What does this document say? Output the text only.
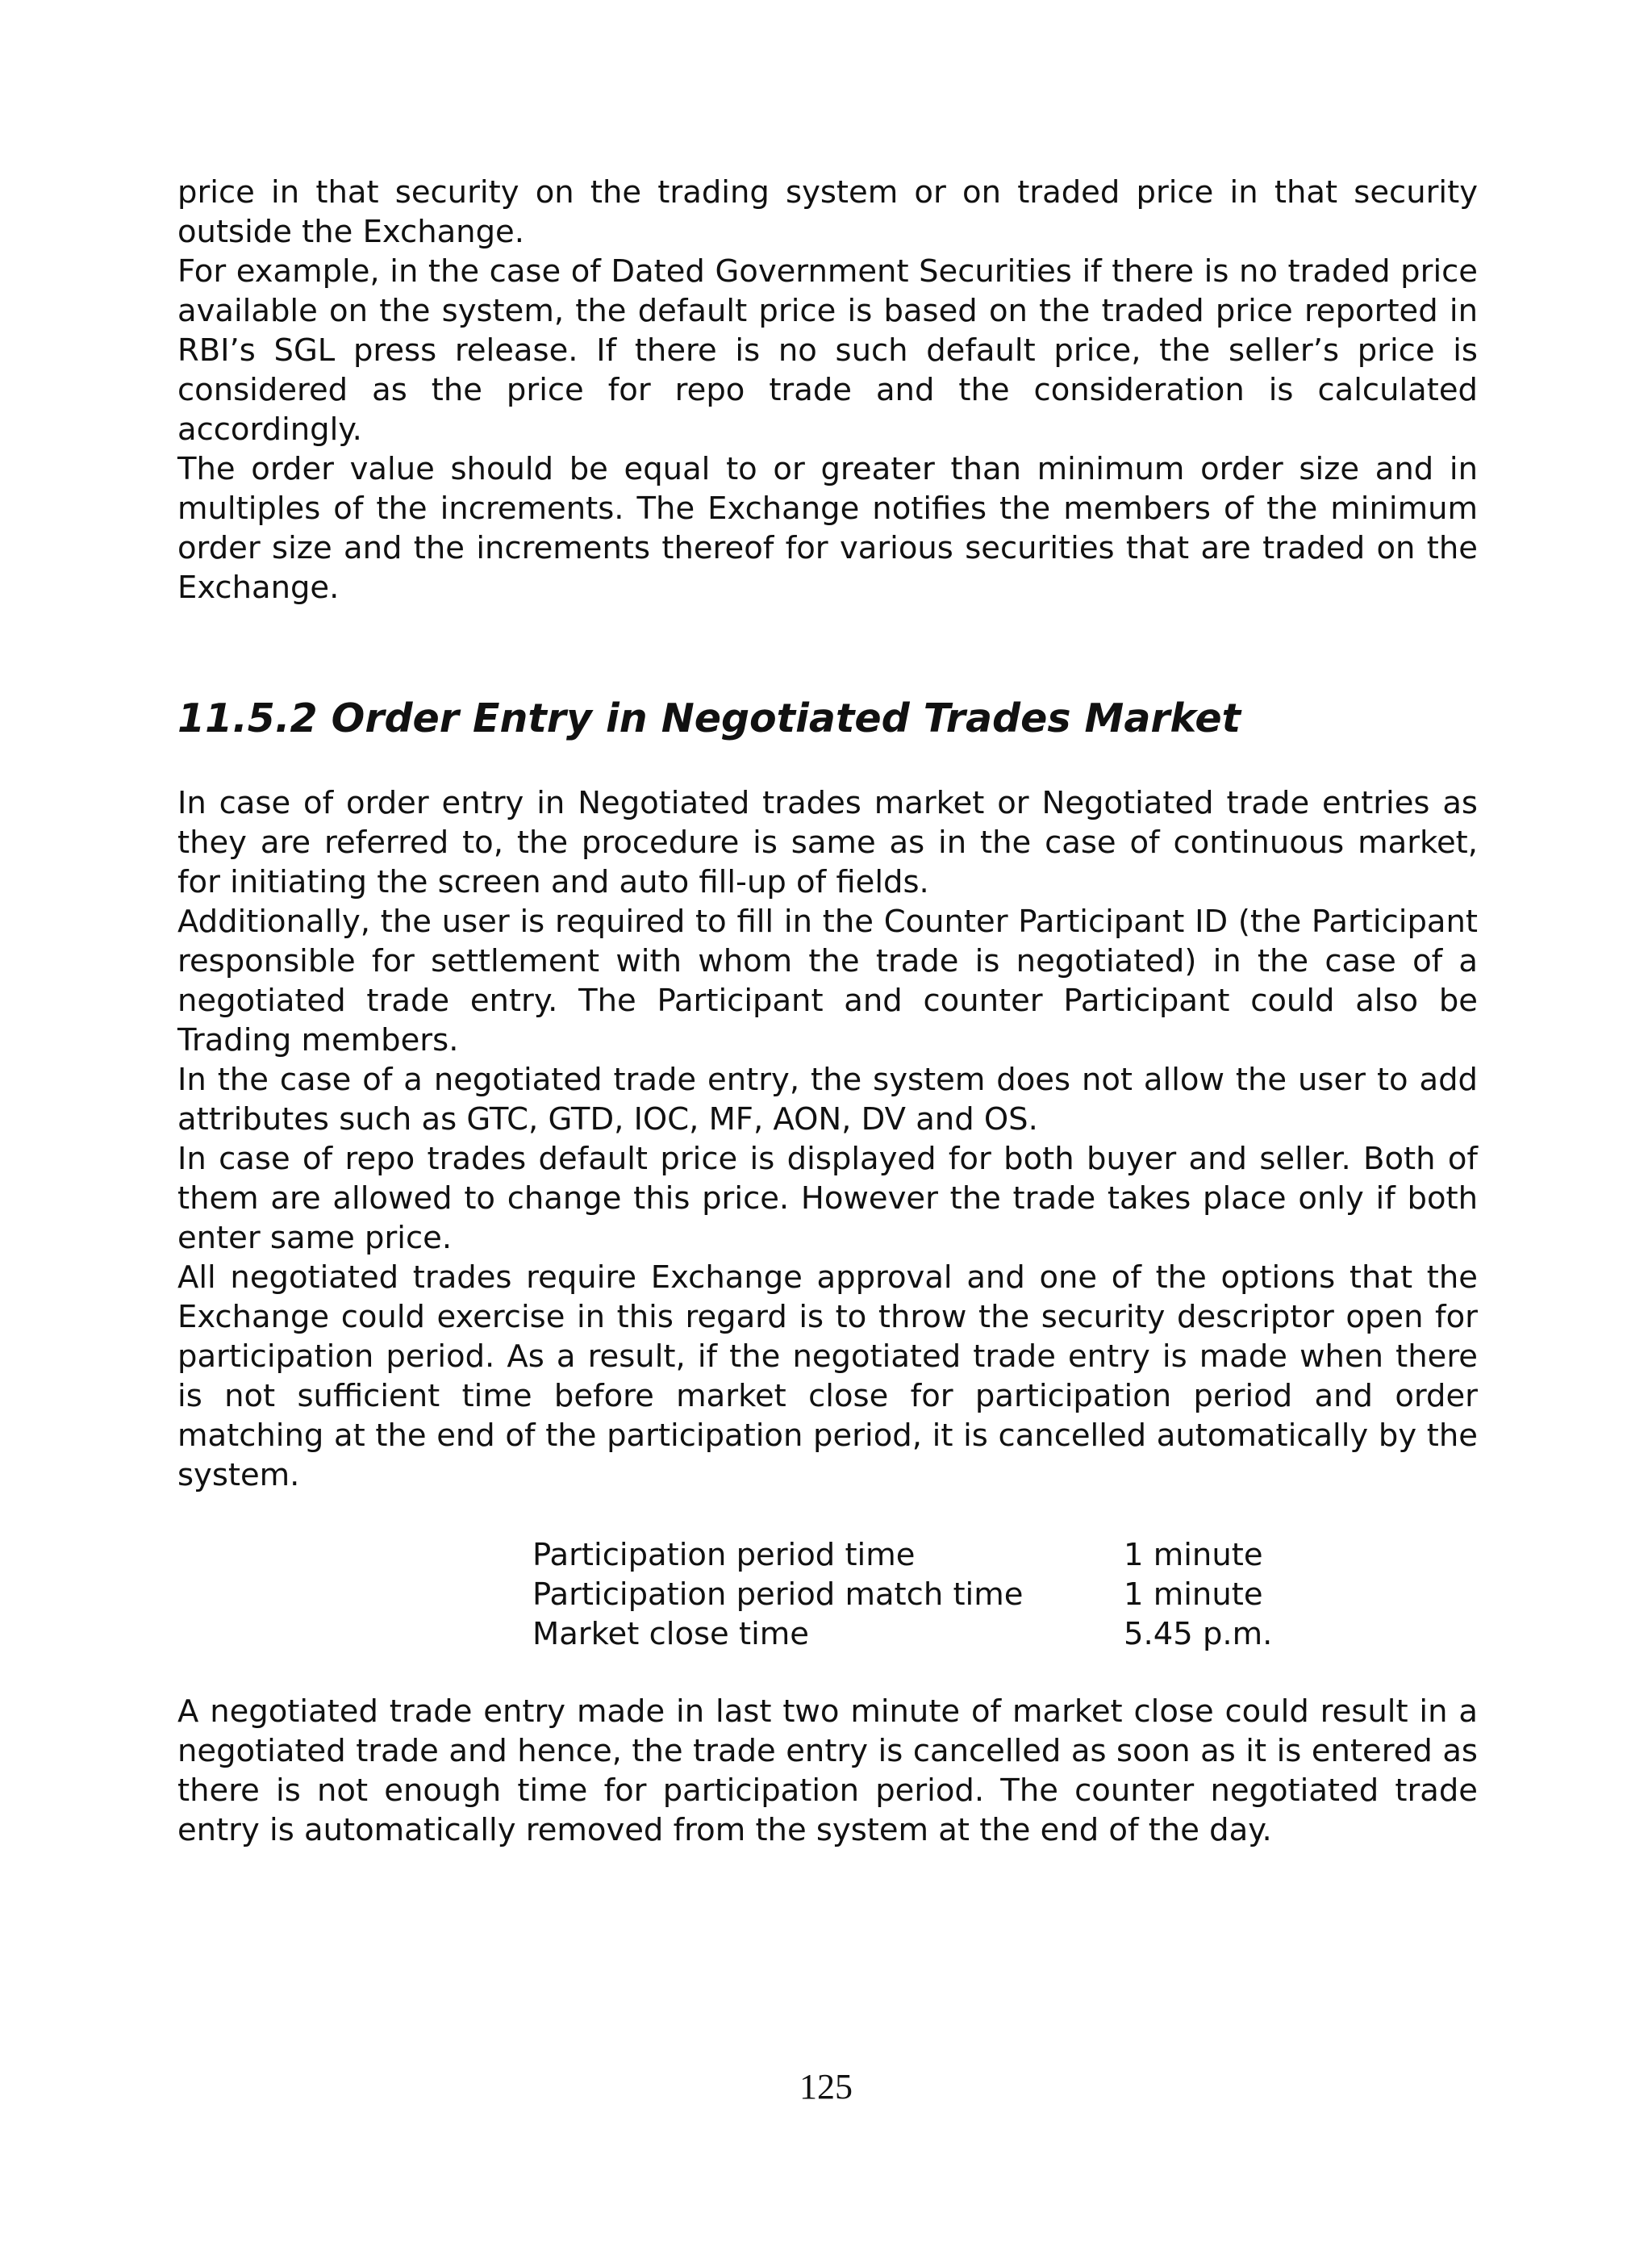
price in that security on the trading system or on traded price in that security outside the Exchange.

For example, in the case of Dated Government Securities if there is no traded price available on the system, the default price is based on the traded price reported in RBI’s SGL press release. If there is no such default price, the seller’s price is considered as the price for repo trade and the consideration is calculated accordingly.

The order value should be equal to or greater than minimum order size and in multiples of the increments. The Exchange notifies the members of the minimum order size and the increments thereof for various securities that are traded on the Exchange.

11.5.2 Order Entry in Negotiated Trades Market

In case of order entry in Negotiated trades market or Negotiated trade entries as they are referred to, the procedure is same as in the case of continuous market, for initiating the screen and auto fill-up of fields.

Additionally, the user is required to fill in the Counter Participant ID (the Participant responsible for settlement with whom the trade is negotiated) in the case of a negotiated trade entry. The Participant and counter Participant could also be Trading members.

In the case of a negotiated trade entry, the system does not allow the user to add attributes such as GTC, GTD, IOC, MF, AON, DV and OS.

In case of repo trades default price is displayed for both buyer and seller. Both of them are allowed to change this price. However the trade takes place only if both enter same price.

All negotiated trades require Exchange approval and one of the options that the Exchange could exercise in this regard is to throw the security descriptor open for participation period. As a result, if the negotiated trade entry is made when there is not sufficient time before market close for participation period and order matching at the end of the participation period, it is cancelled automatically by the system.

Participation period time	1 minute
Participation period match time	1 minute
Market close time	5.45 p.m.

A negotiated trade entry made in last two minute of market close could result in a negotiated trade and hence, the trade entry is cancelled as soon as it is entered as there is not enough time for participation period. The counter negotiated trade entry is automatically removed from the system at the end of the day.

125
